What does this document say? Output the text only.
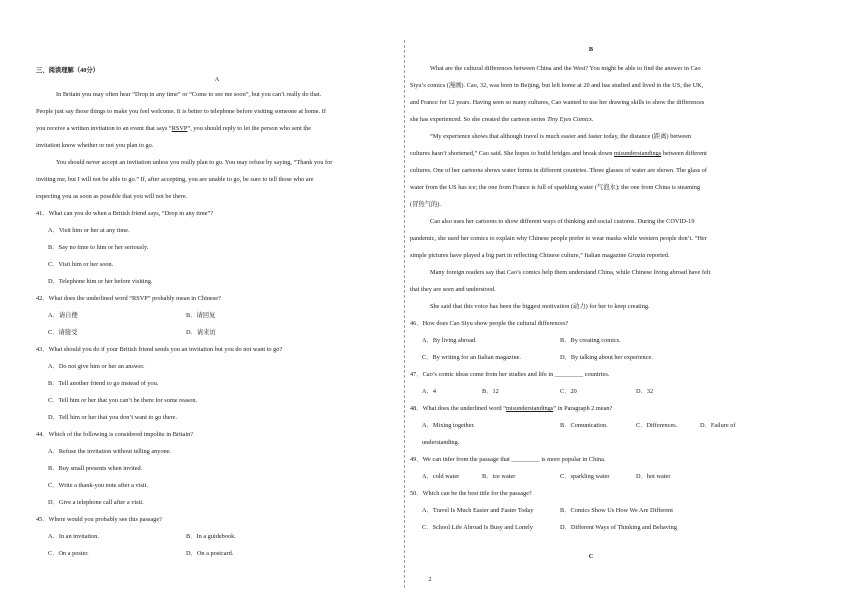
三、阅读理解（40分）
A
In Britain you may often hear “Drop in any time” or “Come to see me soon”, but you can’t really do that.
People just say those things to make you feel welcome. It is better to telephone before visiting someone at home. If
you receive a written invitation to an event that says “RSVP”, you should reply to let the person who sent the
invitation know whether or not you plan to go.
You should never accept an invitation unless you really plan to go. You may refuse by saying, “Thank you for
inviting me, but I will not be able to go.” If, after accepting, you are unable to go, be sure to tell those who are
expecting you as soon as possible that you will not be there.
41．What can you do when a British friend says, “Drop in any time”?
A．Visit him or her at any time.
B．Say no time to him or her seriously.
C．Visit him or her soon.
D．Telephone him or her before visiting.
42．What does the underlined word “RSVP” probably mean in Chinese?
A．请自便	B．请回复
C．请接受	D．请来访
43．What should you do if your British friend sends you an invitation but you do not want to go?
A．Do not give him or her an answer.
B．Tell another friend to go instead of you.
C．Tell him or her that you can’t be there for some reason.
D．Tell him or her that you don’t want to go there.
44．Which of the following is considered impolite in Britain?
A．Refuse the invitation without telling anyone.
B．Buy small presents when invited.
C．Write a thank-you note after a visit.
D．Give a telephone call after a visit.
45．Where would you probably see this passage?
A．In an invitation.	B．In a guidebook.
C．On a poster.	D．On a postcard.
B
What are the cultural differences between China and the West? You might be able to find the answer in Cao
Siyu’s comics (漫画). Cao, 32, was born in Beijing, but left home at 20 and has studied and lived in the US, the UK,
and France for 12 years. Having seen so many cultures, Cao wanted to use her drawing skills to show the differences
she has experienced. So she created the cartoon series Tiny Eyes Comics.
“My experience shows that although travel is much easier and faster today, the distance (距离) between
cultures hasn’t shortened,” Cao said. She hopes to build bridges and break down misunderstandings between different
cultures. One of her cartoons shows water forms in different countries. Three glasses of water are shown. The glass of
water from the US has ice; the one from France is full of sparkling water (气泡水); the one from China is steaming
(冒热气的).
Cao also uses her cartoons to show different ways of thinking and social customs. During the COVID-19
pandemic, she used her comics to explain why Chinese people prefer to wear masks while western people don’t. “Her
simple pictures have played a big part in reflecting Chinese culture,” Italian magazine Grazia reported.
Many foreign readers say that Cao’s comics help them understand China, while Chinese living abroad have felt
that they are seen and understood.
She said that this voice has been the biggest motivation (动力) for her to keep creating.
46．How does Cao Siyu show people the cultural differences?
A．By living abroad.	B．By creating comics.
C．By writing for an Italian magazine.	D．By talking about her experience.
47．Cao’s comic ideas come from her studies and life in _________ countries.
A．4	B．12	C．20	D．32
48．What does the underlined word “misunderstandings” in Paragraph 2 mean?
A．Mixing together.	B．Comunication.	C．Differences.	D．Failure of
understanding.
49．We can infer from the passage that _________ is more popular in China.
A．cold water	B．ice water	C．sparkling water	D．hot water
50．Which can be the best title for the passage?
A．Travel Is Much Easier and Faster Today	B．Comics Show Us How We Are Different
C．School Life Abroad Is Busy and Lonely	D．Different Ways of Thinking and Behaving
C
2
